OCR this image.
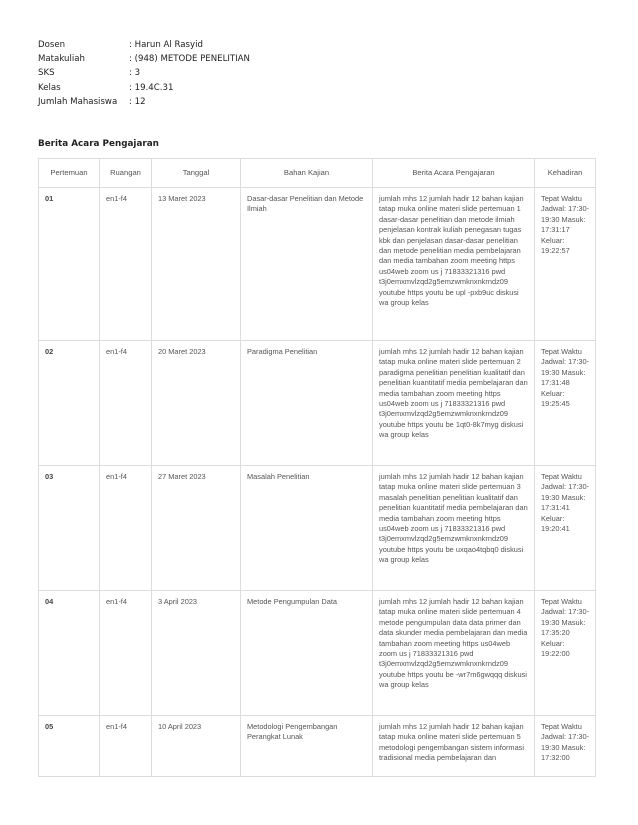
Dosen	: Harun Al Rasyid
Matakuliah	: (948) METODE PENELITIAN
SKS	: 3
Kelas	: 19.4C.31
Jumlah Mahasiswa	: 12
Berita Acara Pengajaran
Pertemuan	Ruangan	Tanggal	Bahan Kajian	Berita Acara Pengajaran	Kehadiran
01	en1-f4	13 Maret 2023	Dasar-dasar Penelitian dan Metode Ilmiah	jumlah mhs 12 jumlah hadir 12 bahan kajian tatap muka online materi slide pertemuan 1 dasar-dasar penelitian dan metode ilmiah penjelasan kontrak kuliah penegasan tugas kbk dan penjelasan dasar-dasar penelitian dan metode penelitian media pembelajaran dan media tambahan zoom meeting https us04web zoom us j 71833321316 pwd t3j0emxmvlzqd2g5emzwmknxnkrndz09 youtube https youtu be upl -pxb9uc diskusi wa group kelas	Tepat Waktu Jadwal: 17:30-19:30 Masuk: 17:31:17 Keluar: 19:22:57
02	en1-f4	20 Maret 2023	Paradigma Penelitian	jumlah mhs 12 jumlah hadir 12 bahan kajian tatap muka online materi slide pertemuan 2 paradigma penelitian penelitian kualitatif dan penelitian kuantitatif media pembelajaran dan media tambahan zoom meeting https us04web zoom us j 71833321316 pwd t3j0emxmvlzqd2g5emzwmknxnkrndz09 youtube https youtu be 1qt0-8k7myg diskusi wa group kelas	Tepat Waktu Jadwal: 17:30-19:30 Masuk: 17:31:48 Keluar: 19:25:45
03	en1-f4	27 Maret 2023	Masalah Penelitian	jumlah mhs 12 jumlah hadir 12 bahan kajian tatap muka online materi slide pertemuan 3 masalah penelitian penelitian kualitatif dan penelitian kuantitatif media pembelajaran dan media tambahan zoom meeting https us04web zoom us j 71833321316 pwd t3j0emxmvlzqd2g5emzwmknxnkrndz09 youtube https youtu be uxqao4tqbq0 diskusi wa group kelas	Tepat Waktu Jadwal: 17:30-19:30 Masuk: 17:31:41 Keluar: 19:20:41
04	en1-f4	3 April 2023	Metode Pengumpulan Data	jumlah mhs 12 jumlah hadir 12 bahan kajian tatap muka online materi slide pertemuan 4 metode pengumpulan data data primer dan data skunder media pembelajaran dan media tambahan zoom meeting https us04web zoom us j 71833321316 pwd t3j0emxmvlzqd2g5emzwmknxnkrndz09 youtube https youtu be -wr7m6gwqqq diskusi wa group kelas	Tepat Waktu Jadwal: 17:30-19:30 Masuk: 17:35:20 Keluar: 19:22:00
05	en1-f4	10 April 2023	Metodologi Pengembangan Perangkat Lunak	jumlah mhs 12 jumlah hadir 12 bahan kajian tatap muka online materi slide pertemuan 5 metodologi pengembangan sistem informasi tradisional media pembelajaran dan	Tepat Waktu Jadwal: 17:30-19:30 Masuk: 17:32:00
